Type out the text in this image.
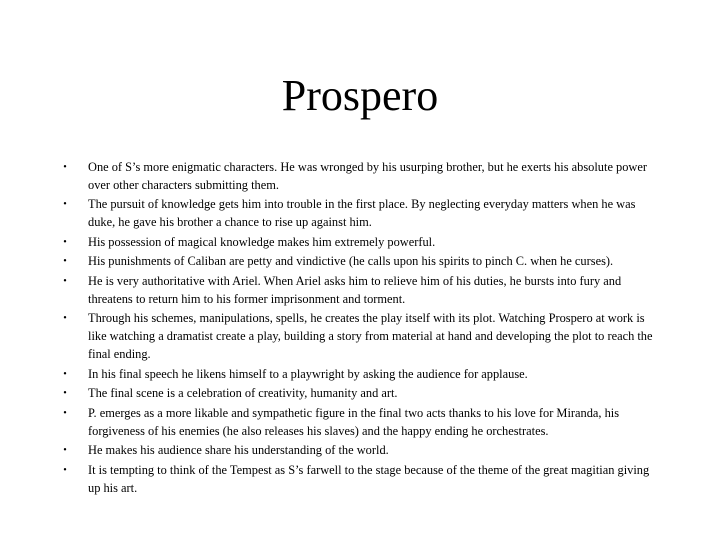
Prospero
• One of S’s more enigmatic characters. He was wronged by his usurping brother, but he exerts his absolute power over other characters submitting them.
• The pursuit of knowledge gets him into trouble in the first place. By neglecting everyday matters when he was duke, he gave his brother a chance to rise up against him.
• His possession of magical knowledge makes him extremely powerful.
• His punishments of Caliban are petty and vindictive (he calls upon his spirits to pinch C. when he curses).
• He is very authoritative with Ariel. When Ariel asks him to relieve him of his duties, he bursts into fury and threatens to return him to his former imprisonment and torment.
• Through his schemes, manipulations, spells, he creates the play itself with its plot. Watching Prospero at work is like watching a dramatist create a play, building a story from material at hand and developing the plot to reach the final ending.
• In his final speech he likens himself to a playwright by asking the audience for applause.
• The final scene is a celebration of creativity, humanity and art.
• P. emerges as a more likable and sympathetic figure in the final two acts thanks to his love for Miranda, his forgiveness of his enemies (he also releases his slaves) and the happy ending he orchestrates.
• He makes his audience share his understanding of the world.
• It is tempting to think of the Tempest as S’s farwell to the stage because of the theme of the great magitian giving up his art.
